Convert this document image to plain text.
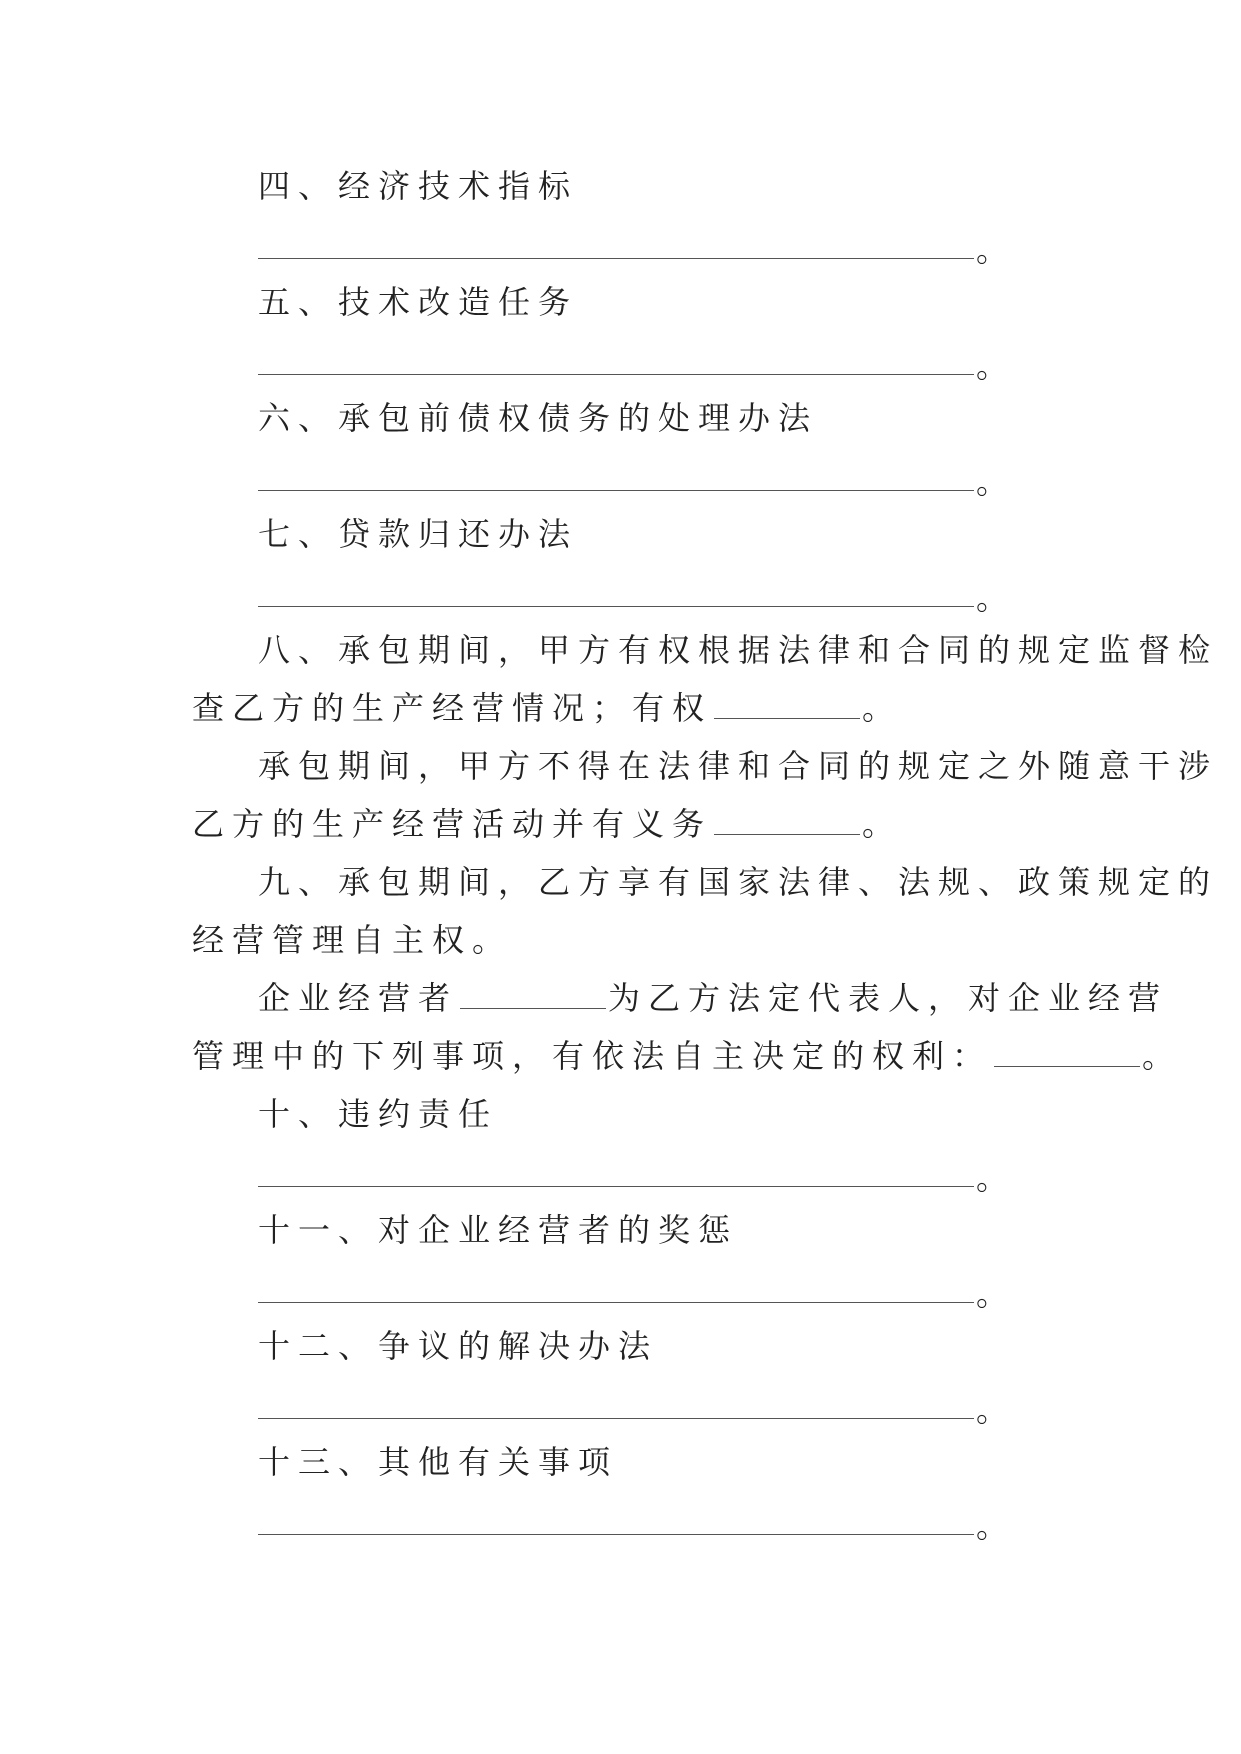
四、经济技术指标
。
五、技术改造任务
。
六、承包前债权债务的处理办法
。
七、贷款归还办法
。
八、承包期间，甲方有权根据法律和合同的规定监督检
查乙方的生产经营情况；有权	。
承包期间，甲方不得在法律和合同的规定之外随意干涉
乙方的生产经营活动并有义务	。
九、承包期间，乙方享有国家法律、法规、政策规定的
经营管理自主权。
企业经营者	为乙方法定代表人，对企业经营
管理中的下列事项，有依法自主决定的权利：	。
十、违约责任
。
十一、对企业经营者的奖惩
。
十二、争议的解决办法
。
十三、其他有关事项
。
